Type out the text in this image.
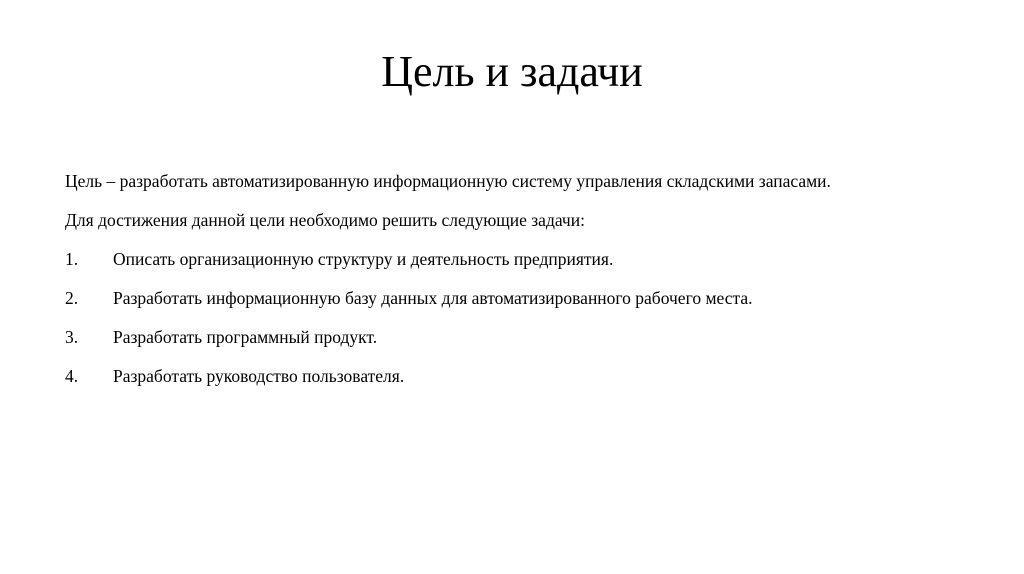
Цель и задачи

Цель – разработать автоматизированную информационную систему управления складскими запасами.

Для достижения данной цели необходимо решить следующие задачи:

1.	Описать организационную структуру и деятельность предприятия.
2.	Разработать информационную базу данных для автоматизированного рабочего места.
3.	Разработать программный продукт.
4.	Разработать руководство пользователя.
